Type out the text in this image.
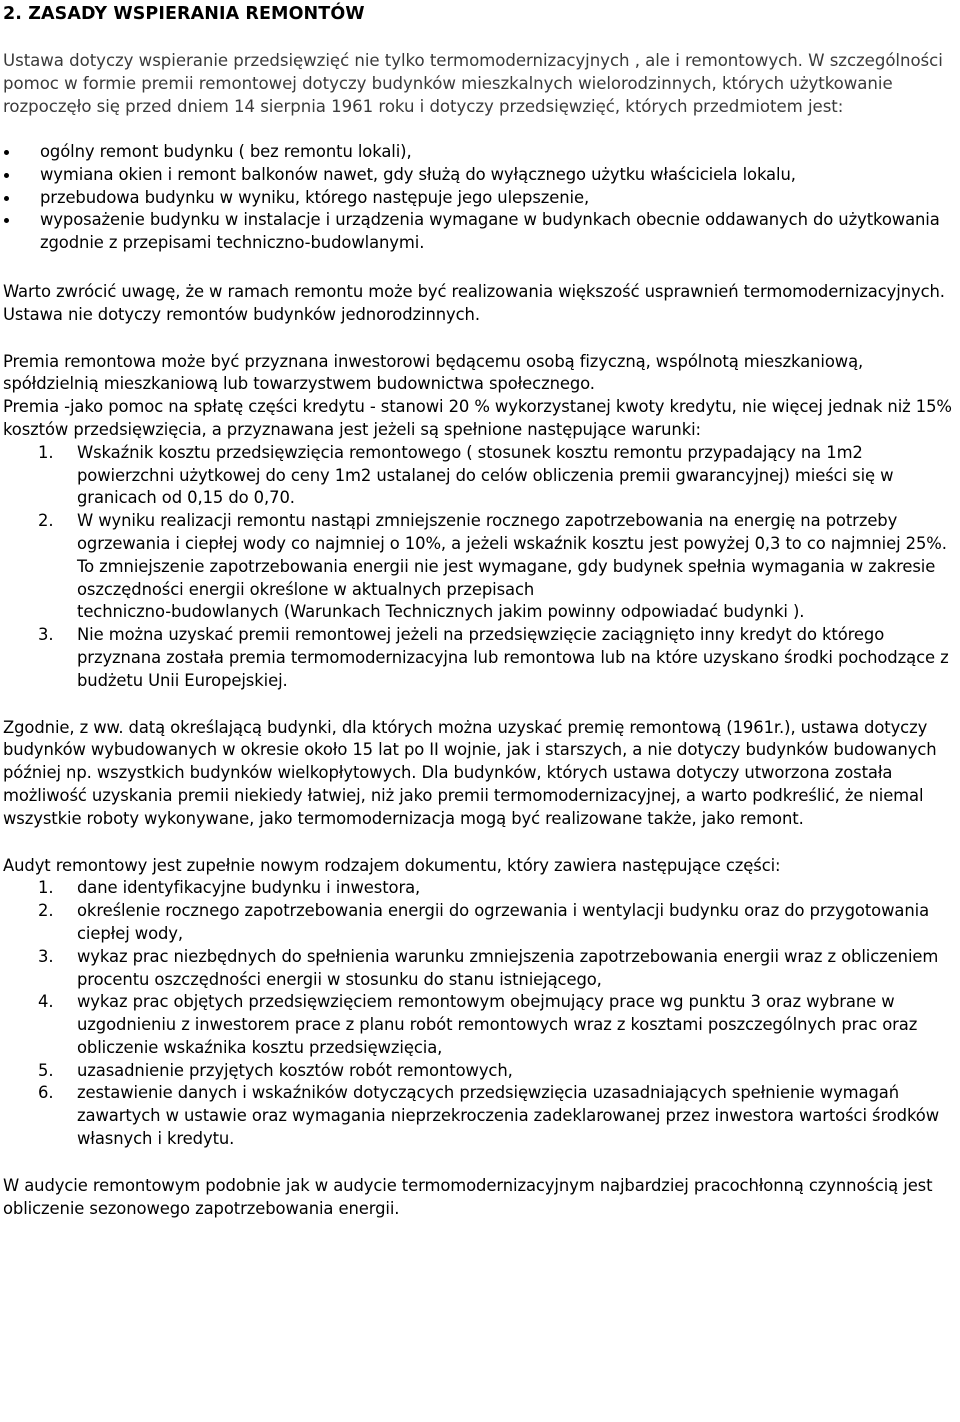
2. ZASADY WSPIERANIA REMONTÓW

Ustawa dotyczy wspieranie przedsięwzięć nie tylko termomodernizacyjnych , ale i remontowych. W szczególności pomoc w formie premii remontowej dotyczy budynków mieszkalnych wielorodzinnych, których użytkowanie rozpoczęło się przed dniem 14 sierpnia 1961 roku i dotyczy przedsięwzięć, których przedmiotem jest:

ogólny remont budynku ( bez remontu lokali),
wymiana okien i remont balkonów nawet, gdy służą do wyłącznego użytku właściciela lokalu,
przebudowa budynku w wyniku, którego następuje jego ulepszenie,
wyposażenie budynku w instalacje i urządzenia wymagane w budynkach obecnie oddawanych do użytkowania zgodnie z przepisami techniczno-budowlanymi.

Warto zwrócić uwagę, że w ramach remontu może być realizowania większość usprawnień termomodernizacyjnych.

Ustawa nie dotyczy remontów budynków jednorodzinnych.

Premia remontowa może być przyznana inwestorowi będącemu osobą fizyczną, wspólnotą mieszkaniową, spółdzielnią mieszkaniową lub towarzystwem budownictwa społecznego.

Premia -jako pomoc na spłatę części kredytu - stanowi 20 % wykorzystanej kwoty kredytu, nie więcej jednak niż 15% kosztów przedsięwzięcia, a przyznawana jest jeżeli są spełnione następujące warunki:

1. Wskaźnik kosztu przedsięwzięcia remontowego ( stosunek kosztu remontu przypadający na 1m2 powierzchni użytkowej do ceny 1m2 ustalanej do celów obliczenia premii gwarancyjnej) mieści się w granicach od 0,15 do 0,70.
2. W wyniku realizacji remontu nastąpi zmniejszenie rocznego zapotrzebowania na energię na potrzeby ogrzewania i ciepłej wody co najmniej o 10%, a jeżeli wskaźnik kosztu jest powyżej 0,3 to co najmniej 25%. To zmniejszenie zapotrzebowania energii nie jest wymagane, gdy budynek spełnia wymagania w zakresie oszczędności energii określone w aktualnych przepisach
techniczno-budowlanych (Warunkach Technicznych jakim powinny odpowiadać budynki ).
3. Nie można uzyskać premii remontowej jeżeli na przedsięwzięcie zaciągnięto inny kredyt do którego przyznana została premia termomodernizacyjna lub remontowa lub na które uzyskano środki pochodzące z budżetu Unii Europejskiej.

Zgodnie, z ww. datą określającą budynki, dla których można uzyskać premię remontową (1961r.), ustawa dotyczy budynków wybudowanych w okresie około 15 lat po II wojnie, jak i starszych, a nie dotyczy budynków budowanych później np. wszystkich budynków wielkopłytowych. Dla budynków, których ustawa dotyczy utworzona została możliwość uzyskania premii niekiedy łatwiej, niż jako premii termomodernizacyjnej, a warto podkreślić, że niemal wszystkie roboty wykonywane, jako termomodernizacja mogą być realizowane także, jako remont.

Audyt remontowy jest zupełnie nowym rodzajem dokumentu, który zawiera następujące części:

1. dane identyfikacyjne budynku i inwestora,
2. określenie rocznego zapotrzebowania energii do ogrzewania i wentylacji budynku oraz do przygotowania ciepłej wody,
3. wykaz prac niezbędnych do spełnienia warunku zmniejszenia zapotrzebowania energii wraz z obliczeniem procentu oszczędności energii w stosunku do stanu istniejącego,
4. wykaz prac objętych przedsięwzięciem remontowym obejmujący prace wg punktu 3 oraz wybrane w uzgodnieniu z inwestorem prace z planu robót remontowych wraz z kosztami poszczególnych prac oraz obliczenie wskaźnika kosztu przedsięwzięcia,
5. uzasadnienie przyjętych kosztów robót remontowych,
6. zestawienie danych i wskaźników dotyczących przedsięwzięcia uzasadniających spełnienie wymagań zawartych w ustawie oraz wymagania nieprzekroczenia zadeklarowanej przez inwestora wartości środków własnych i kredytu.

W audycie remontowym podobnie jak w audycie termomodernizacyjnym najbardziej pracochłonną czynnością jest obliczenie sezonowego zapotrzebowania energii.
